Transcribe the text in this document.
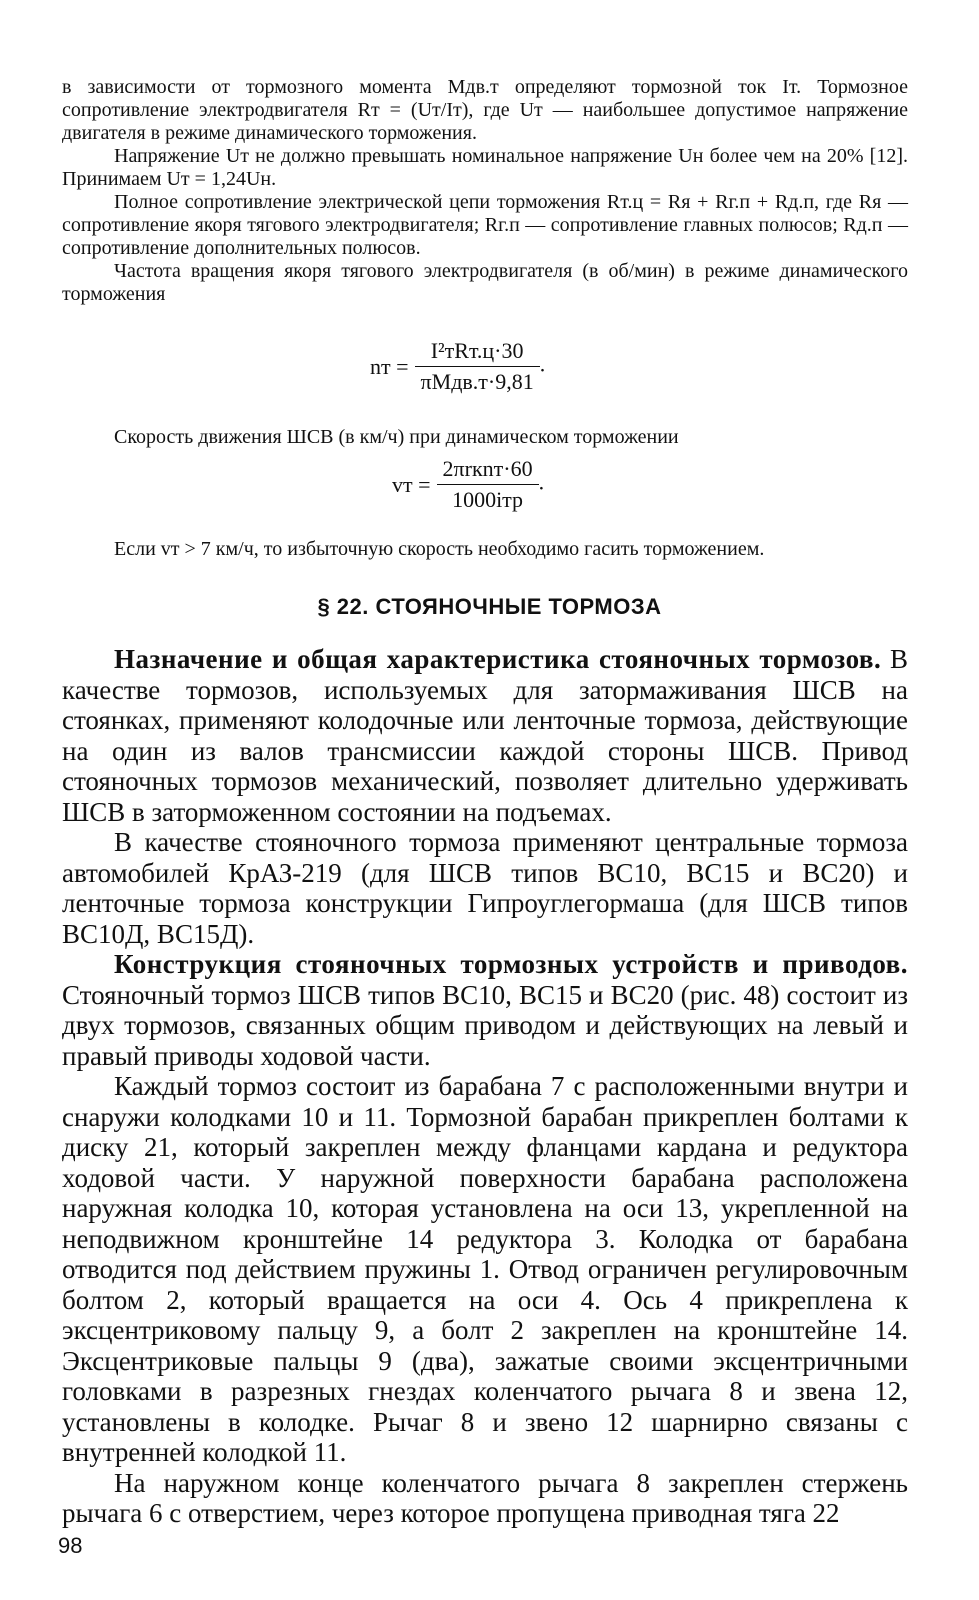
в зависимости от тормозного момента Mдв.т определяют тормозной ток Iт. Тормозное сопротивление электродвигателя Rт = (Uт/Iт), где Uт — наибольшее допустимое напряжение двигателя в режиме динамического торможения.

Напряжение Uт не должно превышать номинальное напряжение Uн более чем на 20% [12]. Принимаем Uт = 1,24Uн.

Полное сопротивление электрической цепи торможения Rт.ц = Rя + Rг.п + Rд.п, где Rя — сопротивление якоря тягового электродвигателя; Rг.п — сопротивление главных полюсов; Rд.п — сопротивление дополнительных полюсов.

Частота вращения якоря тягового электродвигателя (в об/мин) в режиме динамического торможения

nт = $\frac{\text{I²тRт.ц·30}}{\text{πMдв.т·9,81}}$ .
Скорость движения ШСВ (в км/ч) при динамическом торможении
vт = $\frac{\text{2πrкnт·60}}{\text{1000iтр}}$ .
Если vт > 7 км/ч, то избыточную скорость необходимо гасить торможением.
§ 22. СТОЯНОЧНЫЕ ТОРМОЗА

Назначение и общая характеристика стояночных тормозов. В качестве тормозов, используемых для затормаживания ШСВ на стоянках, применяют колодочные или ленточные тормоза, действующие на один из валов трансмиссии каждой стороны ШСВ. Привод стояночных тормозов механический, позволяет длительно удерживать ШСВ в заторможенном состоянии на подъемах.

В качестве стояночного тормоза применяют центральные тормоза автомобилей КрАЗ-219 (для ШСВ типов ВС10, ВС15 и ВС20) и ленточные тормоза конструкции Гипроуглегормаша (для ШСВ типов ВС10Д, ВС15Д).

Конструкция стояночных тормозных устройств и приводов. Стояночный тормоз ШСВ типов ВС10, ВС15 и ВС20 (рис. 48) состоит из двух тормозов, связанных общим приводом и действующих на левый и правый приводы ходовой части.

Каждый тормоз состоит из барабана 7 с расположенными внутри и снаружи колодками 10 и 11. Тормозной барабан прикреплен болтами к диску 21, который закреплен между фланцами кардана и редуктора ходовой части. У наружной поверхности барабана расположена наружная колодка 10, которая установлена на оси 13, укрепленной на неподвижном кронштейне 14 редуктора 3. Колодка от барабана отводится под действием пружины 1. Отвод ограничен регулировочным болтом 2, который вращается на оси 4. Ось 4 прикреплена к эксцентриковому пальцу 9, а болт 2 закреплен на кронштейне 14. Эксцентриковые пальцы 9 (два), зажатые своими эксцентричными головками в разрезных гнездах коленчатого рычага 8 и звена 12, установлены в колодке. Рычаг 8 и звено 12 шарнирно связаны с внутренней колодкой 11.

На наружном конце коленчатого рычага 8 закреплен стержень рычага 6 с отверстием, через которое пропущена приводная тяга 22

98
